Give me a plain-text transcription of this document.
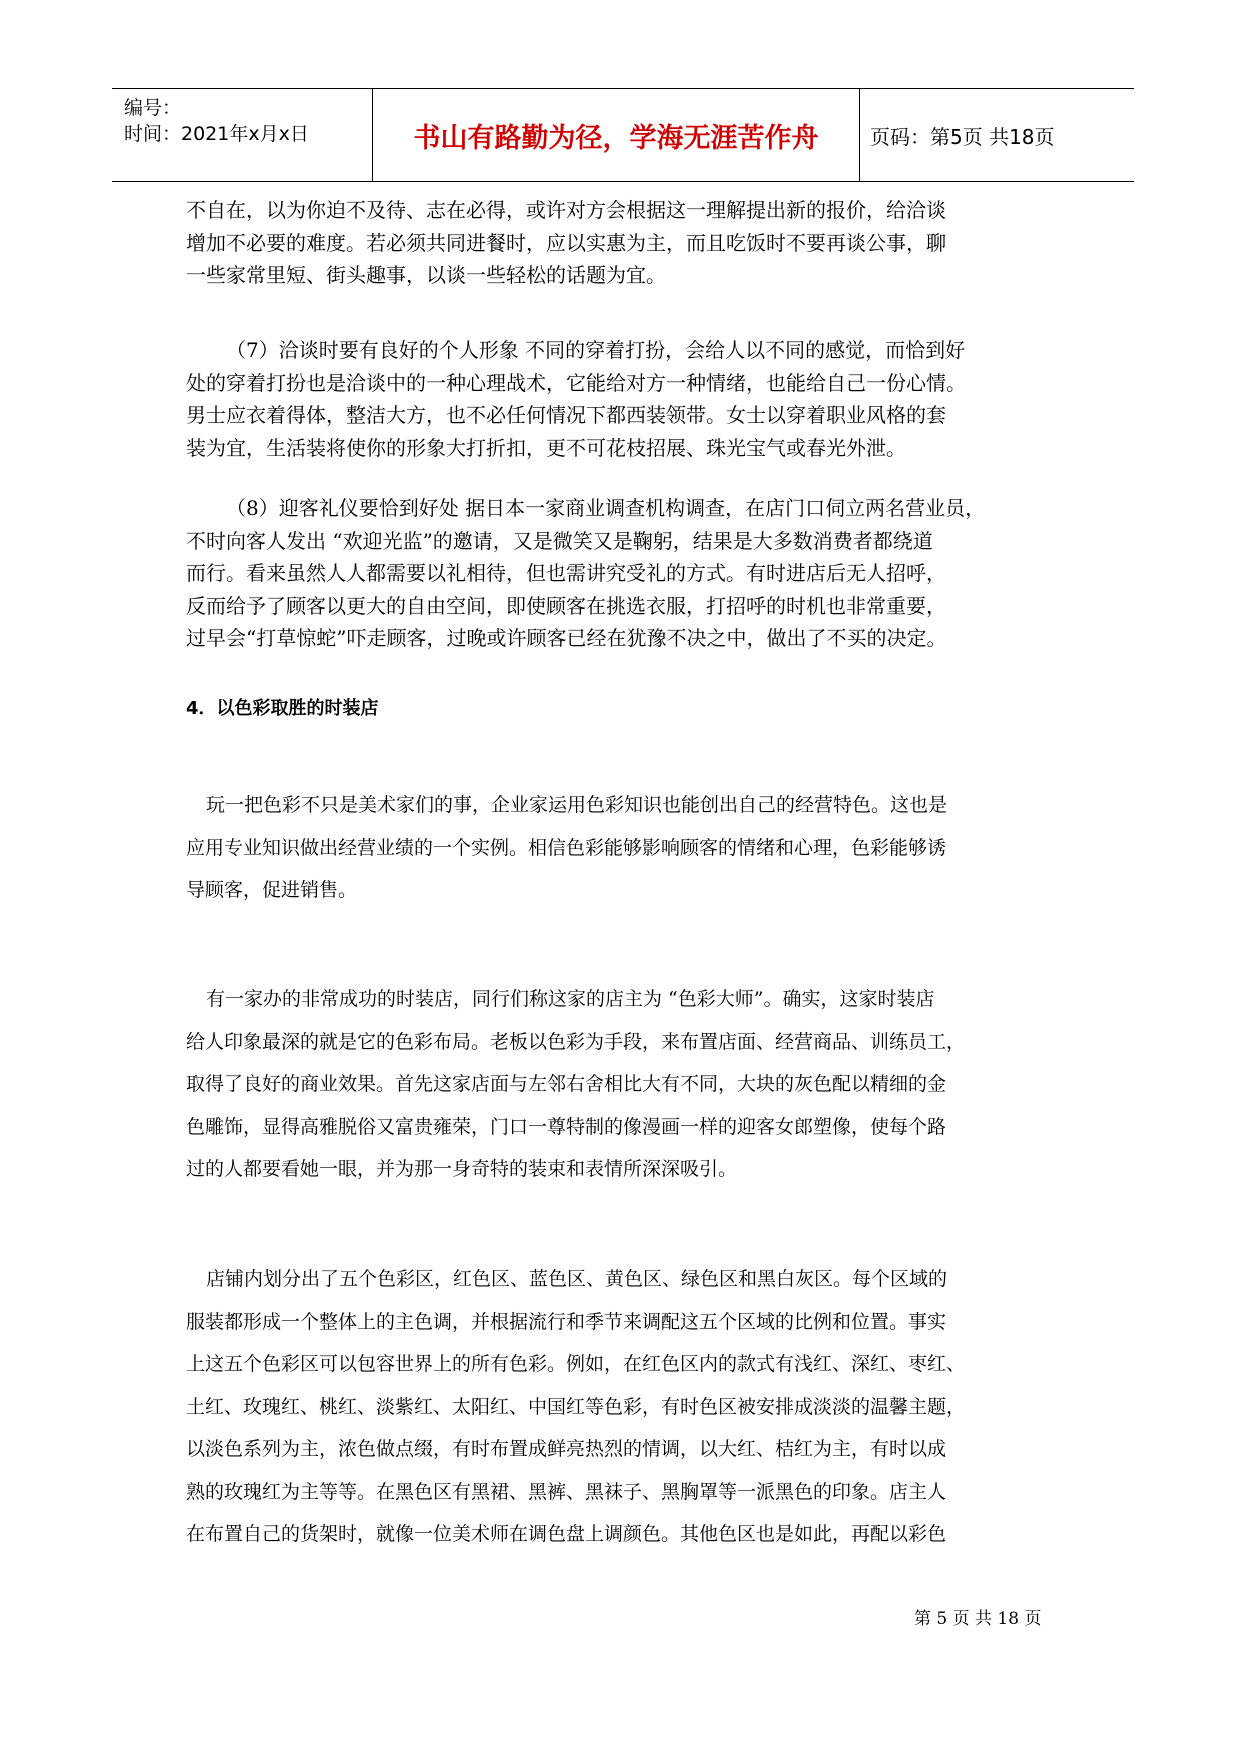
编号：
时间：2021年x月x日	书山有路勤为径，学海无涯苦作舟	页码：第5页 共18页

不自在，以为你迫不及待、志在必得，或许对方会根据这一理解提出新的报价，给洽谈

增加不必要的难度。若必须共同进餐时，应以实惠为主，而且吃饭时不要再谈公事，聊

一些家常里短、街头趣事，以谈一些轻松的话题为宜。

（7）洽谈时要有良好的个人形象 不同的穿着打扮，会给人以不同的感觉，而恰到好

处的穿着打扮也是洽谈中的一种心理战术，它能给对方一种情绪，也能给自己一份心情。

男士应衣着得体，整洁大方，也不必任何情况下都西装领带。女士以穿着职业风格的套

装为宜，生活装将使你的形象大打折扣，更不可花枝招展、珠光宝气或春光外泄。

（8）迎客礼仪要恰到好处 据日本一家商业调查机构调查，在店门口伺立两名营业员，

不时向客人发出 “欢迎光监”的邀请，又是微笑又是鞠躬，结果是大多数消费者都绕道

而行。看来虽然人人都需要以礼相待，但也需讲究受礼的方式。有时进店后无人招呼，

反而给予了顾客以更大的自由空间，即使顾客在挑选衣服，打招呼的时机也非常重要，

过早会“打草惊蛇”吓走顾客，过晚或许顾客已经在犹豫不决之中，做出了不买的决定。

4．以色彩取胜的时装店

玩一把色彩不只是美术家们的事，企业家运用色彩知识也能创出自己的经营特色。这也是

应用专业知识做出经营业绩的一个实例。相信色彩能够影响顾客的情绪和心理，色彩能够诱

导顾客，促进销售。

有一家办的非常成功的时装店，同行们称这家的店主为 “色彩大师”。确实，这家时装店

给人印象最深的就是它的色彩布局。老板以色彩为手段，来布置店面、经营商品、训练员工，

取得了良好的商业效果。首先这家店面与左邻右舍相比大有不同，大块的灰色配以精细的金

色雕饰，显得高雅脱俗又富贵雍荣，门口一尊特制的像漫画一样的迎客女郎塑像，使每个路

过的人都要看她一眼，并为那一身奇特的装束和表情所深深吸引。

店铺内划分出了五个色彩区，红色区、蓝色区、黄色区、绿色区和黑白灰区。每个区域的

服装都形成一个整体上的主色调，并根据流行和季节来调配这五个区域的比例和位置。事实

上这五个色彩区可以包容世界上的所有色彩。例如，在红色区内的款式有浅红、深红、枣红、

土红、玫瑰红、桃红、淡紫红、太阳红、中国红等色彩，有时色区被安排成淡淡的温馨主题，

以淡色系列为主，浓色做点缀，有时布置成鲜亮热烈的情调，以大红、桔红为主，有时以成

熟的玫瑰红为主等等。在黑色区有黑裙、黑裤、黑袜子、黑胸罩等一派黑色的印象。店主人

在布置自己的货架时，就像一位美术师在调色盘上调颜色。其他色区也是如此，再配以彩色

第 5 页 共 18 页
